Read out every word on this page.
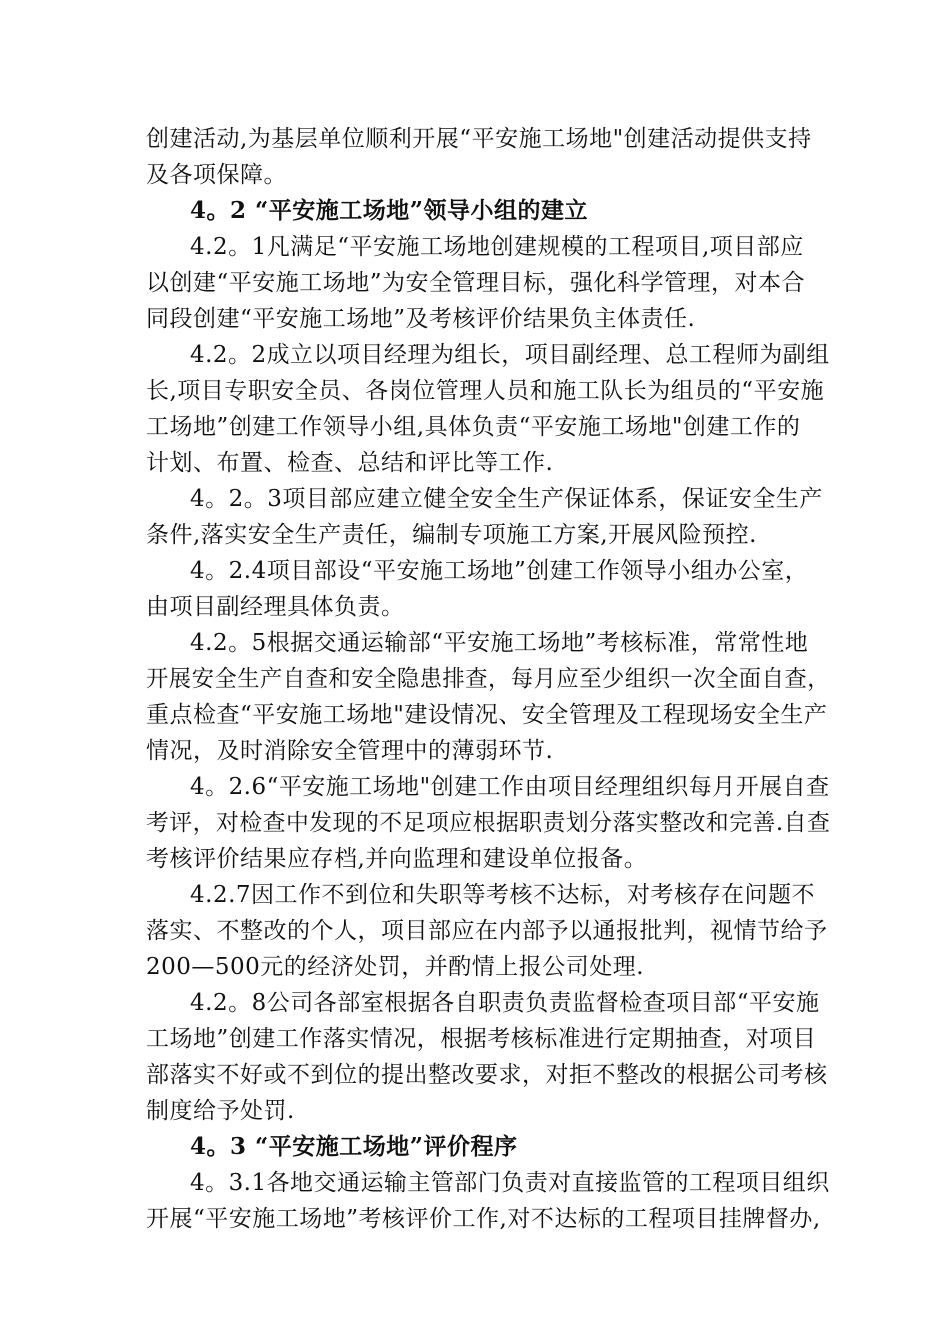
创建活动,为基层单位顺利开展“平安施工场地"创建活动提供支持
及各项保障。
4。2 “平安施工场地”领导小组的建立
4.2。1凡满足“平安施工场地创建规模的工程项目,项目部应
以创建“平安施工场地”为安全管理目标，强化科学管理，对本合
同段创建“平安施工场地”及考核评价结果负主体责任.
4.2。2成立以项目经理为组长，项目副经理、总工程师为副组
长,项目专职安全员、各岗位管理人员和施工队长为组员的“平安施
工场地”创建工作领导小组,具体负责“平安施工场地"创建工作的
计划、布置、检查、总结和评比等工作.
4。2。3项目部应建立健全安全生产保证体系，保证安全生产
条件,落实安全生产责任，编制专项施工方案,开展风险预控.
4。2.4项目部设“平安施工场地”创建工作领导小组办公室，
由项目副经理具体负责。
4.2。5根据交通运输部“平安施工场地”考核标准，常常性地
开展安全生产自查和安全隐患排查，每月应至少组织一次全面自查，
重点检查“平安施工场地"建设情况、安全管理及工程现场安全生产
情况，及时消除安全管理中的薄弱环节.
4。2.6“平安施工场地"创建工作由项目经理组织每月开展自查
考评，对检查中发现的不足项应根据职责划分落实整改和完善.自查
考核评价结果应存档,并向监理和建设单位报备。
4.2.7因工作不到位和失职等考核不达标，对考核存在问题不
落实、不整改的个人，项目部应在内部予以通报批判，视情节给予
200—500元的经济处罚，并酌情上报公司处理.
4.2。8公司各部室根据各自职责负责监督检查项目部“平安施
工场地”创建工作落实情况，根据考核标准进行定期抽查，对项目
部落实不好或不到位的提出整改要求，对拒不整改的根据公司考核
制度给予处罚.
4。3 “平安施工场地”评价程序
4。3.1各地交通运输主管部门负责对直接监管的工程项目组织
开展“平安施工场地”考核评价工作,对不达标的工程项目挂牌督办,
